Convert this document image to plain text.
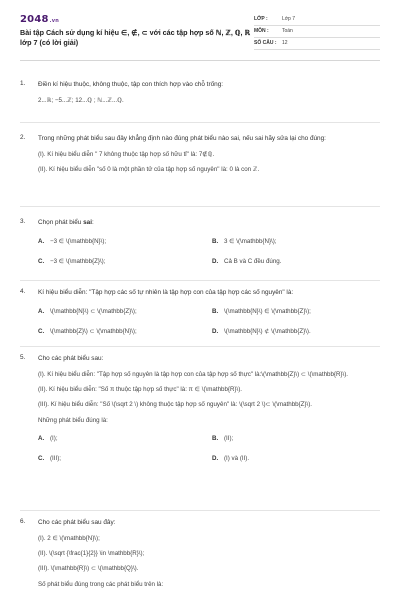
2048.vn
Bài tập Cách sử dụng kí hiệu ∈, ∉, ⊂ với các tập hợp số ℕ, ℤ, ℚ, ℝ lớp 7 (có lời giải)
LỚP :	Lớp 7
MÔN :	Toán
SỐ CÂU :	12
1.	Điền kí hiệu thuộc, không thuộc, tập con thích hợp vào chỗ trống:
2...ℝ; −5...ℤ; 12...ℚ ; ℕ...ℤ...ℚ.
2.	Trong những phát biểu sau đây khẳng định nào đúng phát biểu nào sai, nếu sai hãy sửa lại cho đúng:
(I). Kí hiệu biểu diễn " 7 không thuộc tập hợp số hữu tỉ" là: 7∉ℚ.
(II). Kí hiệu biểu diễn "số 0 là một phần tử của tập hợp số nguyên" là: 0 là con ℤ.
3.	Chọn phát biểu sai:
A. −3 ∈ \(\mathbb{N}\);	B. 3 ∈ \(\mathbb{N}\);
C. −3 ∈ \(\mathbb{Z}\);	D. Cả B và C đều đúng.
4.	Kí hiệu biểu diễn: "Tập hợp các số tự nhiên là tập hợp con của tập hợp các số nguyên" là:
A. \(\mathbb{N}\) ⊂ \(\mathbb{Z}\);	B. \(\mathbb{N}\) ∈ \(\mathbb{Z}\);
C. \(\mathbb{Z}\) ⊂ \(\mathbb{N}\);	D. \(\mathbb{N}\) ⊄ \(\mathbb{Z}\).
5.	Cho các phát biểu sau:
(I). Kí hiệu biểu diễn: "Tập hợp số nguyên là tập hợp con của tập hợp số thực" là:\(\mathbb{Z}\) ⊂ \(\mathbb{R}\).
(II). Kí hiệu biểu diễn: "Số π thuộc tập hợp số thực" là: π ∈ \(\mathbb{R}\).
(III). Kí hiệu biểu diễn: "Số \(\sqrt 2 \) không thuộc tập hợp số nguyên" là: \(\sqrt 2 \)⊂ \(\mathbb{Z}\).
Những phát biểu đúng là:
A. (I);	B. (II);
C. (III);	D. (I) và (II).
6.	Cho các phát biểu sau đây:
(I). 2 ∈ \(\mathbb{N}\);
(II). \(\sqrt {\frac{1}{2}} \in \mathbb{R}\);
(III). \(\mathbb{R}\) ⊂ \(\mathbb{Q}\).
Số phát biểu đúng trong các phát biểu trên là:
